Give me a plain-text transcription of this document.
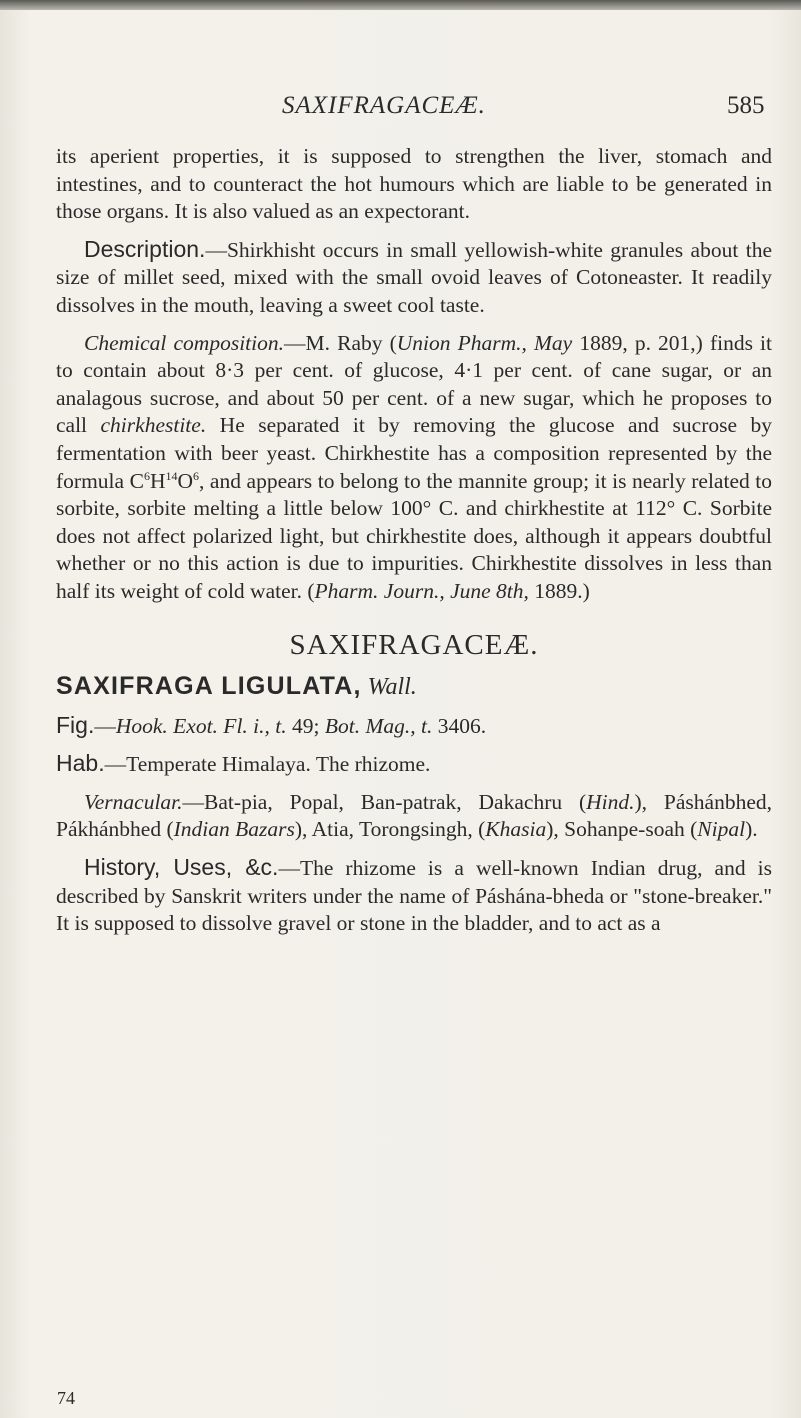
SAXIFRAGACEÆ.	585

its aperient properties, it is supposed to strengthen the liver, stomach and intestines, and to counteract the hot humours which are liable to be generated in those organs. It is also valued as an expectorant.

Description.—Shirkhisht occurs in small yellowish-white granules about the size of millet seed, mixed with the small ovoid leaves of Cotoneaster. It readily dissolves in the mouth, leaving a sweet cool taste.

Chemical composition.—M. Raby (Union Pharm., May 1889, p. 201,) finds it to contain about 8·3 per cent. of glucose, 4·1 per cent. of cane sugar, or an analagous sucrose, and about 50 per cent. of a new sugar, which he proposes to call chirkhestite. He separated it by removing the glucose and sucrose by fermentation with beer yeast. Chirkhestite has a composition represented by the formula $C^6H^{14}O^6$, and appears to belong to the mannite group; it is nearly related to sorbite, sorbite melting a little below 100° C. and chirkhestite at 112° C. Sorbite does not affect polarized light, but chirkhestite does, although it appears doubtful whether or no this action is due to impurities. Chirkhestite dissolves in less than half its weight of cold water. (Pharm. Journ., June 8th, 1889.)

SAXIFRAGACEÆ.

SAXIFRAGA LIGULATA, Wall.

Fig.—Hook. Exot. Fl. i., t. 49; Bot. Mag., t. 3406.

Hab.—Temperate Himalaya. The rhizome.

Vernacular.—Bat-pia, Popal, Ban-patrak, Dakachru (Hind.), Páshánbhed, Pákhánbhed (Indian Bazars), Atia, Torongsingh, (Khasia), Sohanpe-soah (Nipal).

History, Uses, &c.—The rhizome is a well-known Indian drug, and is described by Sanskrit writers under the name of Páshána-bheda or "stone-breaker." It is supposed to dissolve gravel or stone in the bladder, and to act as a

74
